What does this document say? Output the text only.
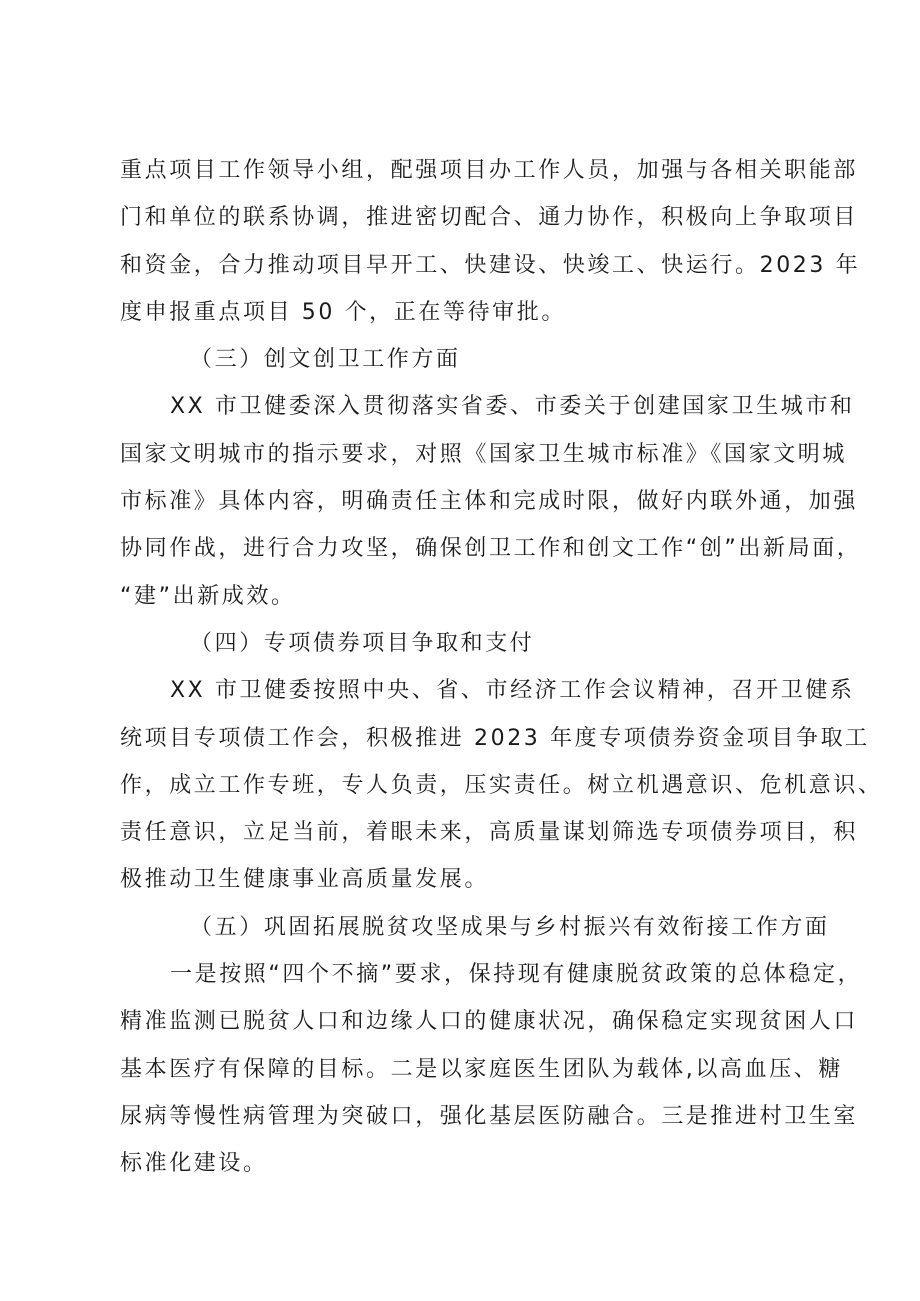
重点项目工作领导小组，配强项目办工作人员，加强与各相关职能部
门和单位的联系协调，推进密切配合、通力协作，积极向上争取项目
和资金，合力推动项目早开工、快建设、快竣工、快运行。2023 年
度申报重点项目 50 个，正在等待审批。
（三）创文创卫工作方面
XX 市卫健委深入贯彻落实省委、市委关于创建国家卫生城市和
国家文明城市的指示要求，对照《国家卫生城市标准》《国家文明城
市标准》具体内容，明确责任主体和完成时限，做好内联外通，加强
协同作战，进行合力攻坚，确保创卫工作和创文工作“创”出新局面，
“建”出新成效。
（四）专项债券项目争取和支付
XX 市卫健委按照中央、省、市经济工作会议精神，召开卫健系
统项目专项债工作会，积极推进 2023 年度专项债券资金项目争取工
作，成立工作专班，专人负责，压实责任。树立机遇意识、危机意识、
责任意识，立足当前，着眼未来，高质量谋划筛选专项债券项目，积
极推动卫生健康事业高质量发展。
（五）巩固拓展脱贫攻坚成果与乡村振兴有效衔接工作方面
一是按照“四个不摘”要求，保持现有健康脱贫政策的总体稳定，
精准监测已脱贫人口和边缘人口的健康状况，确保稳定实现贫困人口
基本医疗有保障的目标。二是以家庭医生团队为载体,以高血压、糖
尿病等慢性病管理为突破口，强化基层医防融合。三是推进村卫生室
标准化建设。
